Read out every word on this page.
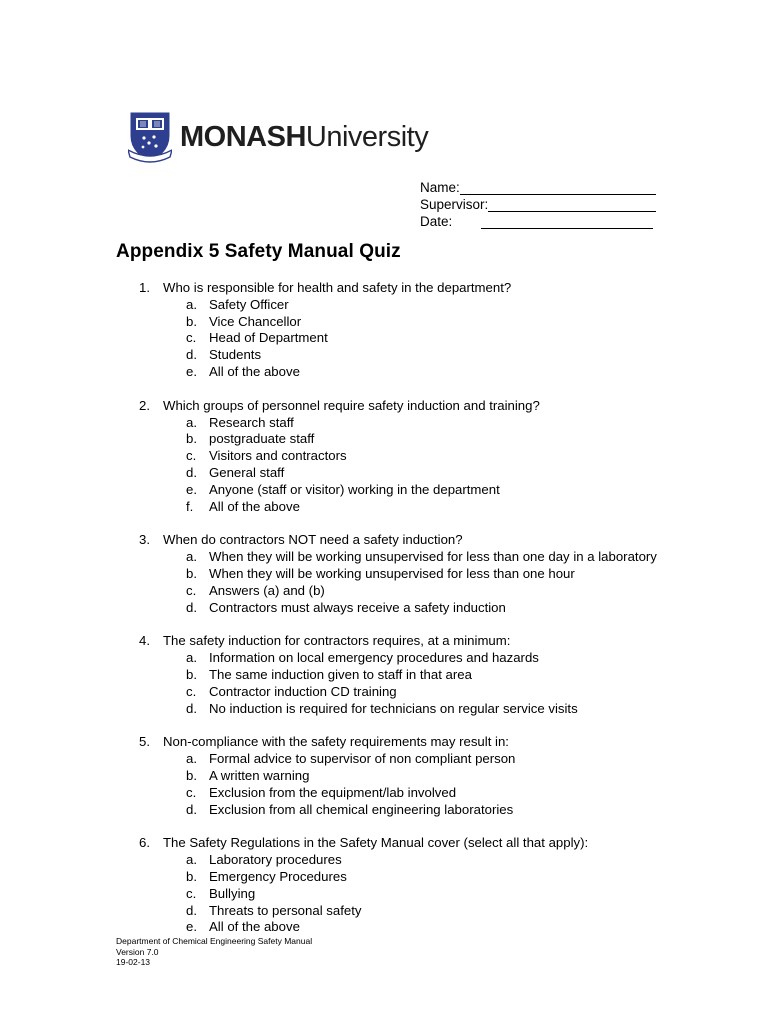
MONASHUniversity
Name:
Supervisor:
Date:
Appendix 5 Safety Manual Quiz
1. Who is responsible for health and safety in the department?
a. Safety Officer
b. Vice Chancellor
c. Head of Department
d. Students
e. All of the above
2. Which groups of personnel require safety induction and training?
a. Research staff
b. postgraduate staff
c. Visitors and contractors
d. General staff
e. Anyone (staff or visitor) working in the department
f. All of the above
3. When do contractors NOT need a safety induction?
a. When they will be working unsupervised for less than one day in a laboratory
b. When they will be working unsupervised for less than one hour
c. Answers (a) and (b)
d. Contractors must always receive a safety induction
4. The safety induction for contractors requires, at a minimum:
a. Information on local emergency procedures and hazards
b. The same induction given to staff in that area
c. Contractor induction CD training
d. No induction is required for technicians on regular service visits
5. Non-compliance with the safety requirements may result in:
a. Formal advice to supervisor of non compliant person
b. A written warning
c. Exclusion from the equipment/lab involved
d. Exclusion from all chemical engineering laboratories
6. The Safety Regulations in the Safety Manual cover (select all that apply):
a. Laboratory procedures
b. Emergency Procedures
c. Bullying
d. Threats to personal safety
e. All of the above
Department of Chemical Engineering Safety Manual
Version 7.0
19-02-13
